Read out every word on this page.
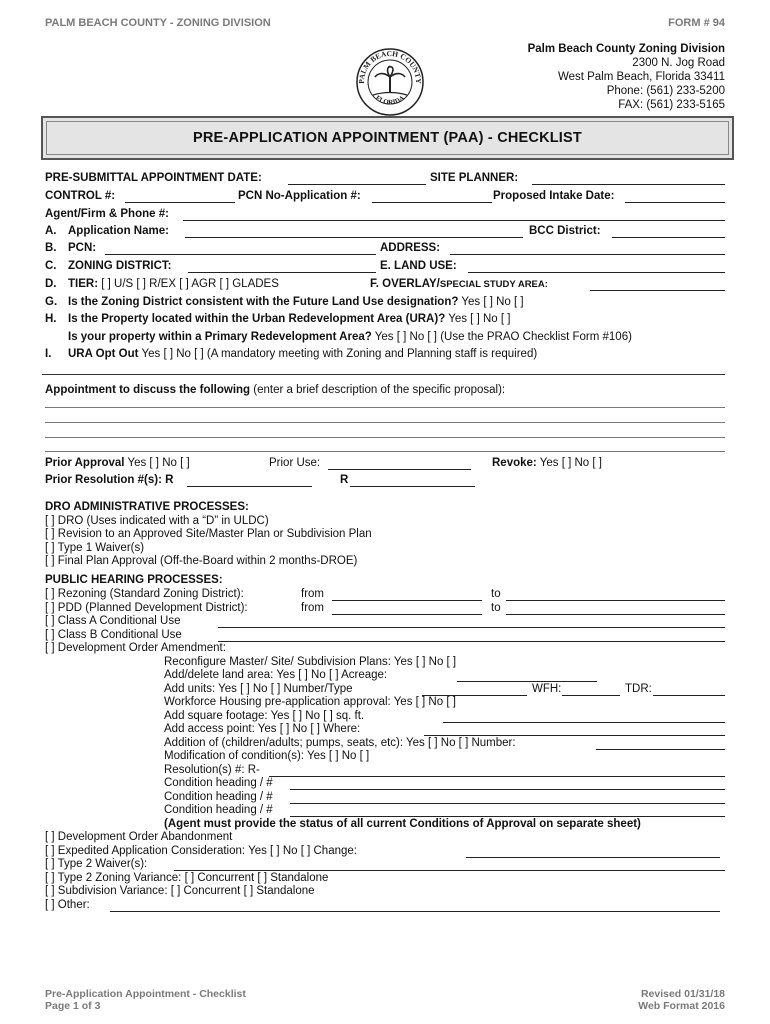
PALM BEACH COUNTY - ZONING DIVISION	FORM # 94
Palm Beach County Zoning Division
2300 N. Jog Road
West Palm Beach, Florida 33411
Phone: (561) 233-5200
FAX: (561) 233-5165
PALM BEACH COUNTY
FLORIDA
PRE-APPLICATION APPOINTMENT (PAA) - CHECKLIST
PRE-SUBMITTAL APPOINTMENT DATE:	SITE PLANNER:
CONTROL #:	PCN No-Application #:	Proposed Intake Date:
Agent/Firm & Phone #:
A. Application Name:	BCC District:
B. PCN:	ADDRESS:
C. ZONING DISTRICT:	E. LAND USE:
D. TIER: [ ] U/S [ ] R/EX [ ] AGR [ ] GLADES	F. OVERLAY/SPECIAL STUDY AREA:
G. Is the Zoning District consistent with the Future Land Use designation? Yes [ ] No [ ]
H. Is the Property located within the Urban Redevelopment Area (URA)? Yes [ ] No [ ]
Is your property within a Primary Redevelopment Area? Yes [ ] No [ ] (Use the PRAO Checklist Form #106)
I. URA Opt Out Yes [ ] No [ ] (A mandatory meeting with Zoning and Planning staff is required)
Appointment to discuss the following (enter a brief description of the specific proposal):
Prior Approval Yes [ ] No [ ]	Prior Use:	Revoke: Yes [ ] No [ ]
Prior Resolution #(s): R	R
DRO ADMINISTRATIVE PROCESSES:
[ ] DRO (Uses indicated with a “D” in ULDC)
[ ] Revision to an Approved Site/Master Plan or Subdivision Plan
[ ] Type 1 Waiver(s)
[ ] Final Plan Approval (Off-the-Board within 2 months-DROE)
PUBLIC HEARING PROCESSES:
[ ] Rezoning (Standard Zoning District):	from	to
[ ] PDD (Planned Development District):	from	to
[ ] Class A Conditional Use
[ ] Class B Conditional Use
[ ] Development Order Amendment:
Reconfigure Master/ Site/ Subdivision Plans: Yes [ ] No [ ]
Add/delete land area: Yes [ ] No [ ] Acreage:
Add units: Yes [ ] No [ ] Number/Type	WFH:	TDR:
Workforce Housing pre-application approval: Yes [ ] No [ ]
Add square footage: Yes [ ] No [ ] sq. ft.
Add access point: Yes [ ] No [ ] Where:
Addition of (children/adults; pumps, seats, etc): Yes [ ] No [ ] Number:
Modification of condition(s): Yes [ ] No [ ]
Resolution(s) #: R-
Condition heading / #
Condition heading / #
Condition heading / #
(Agent must provide the status of all current Conditions of Approval on separate sheet)
[ ] Development Order Abandonment
[ ] Expedited Application Consideration: Yes [ ] No [ ] Change:
[ ] Type 2 Waiver(s):
[ ] Type 2 Zoning Variance: [ ] Concurrent [ ] Standalone
[ ] Subdivision Variance: [ ] Concurrent [ ] Standalone
[ ] Other:
Pre-Application Appointment - Checklist
Page 1 of 3
Revised 01/31/18
Web Format 2016
